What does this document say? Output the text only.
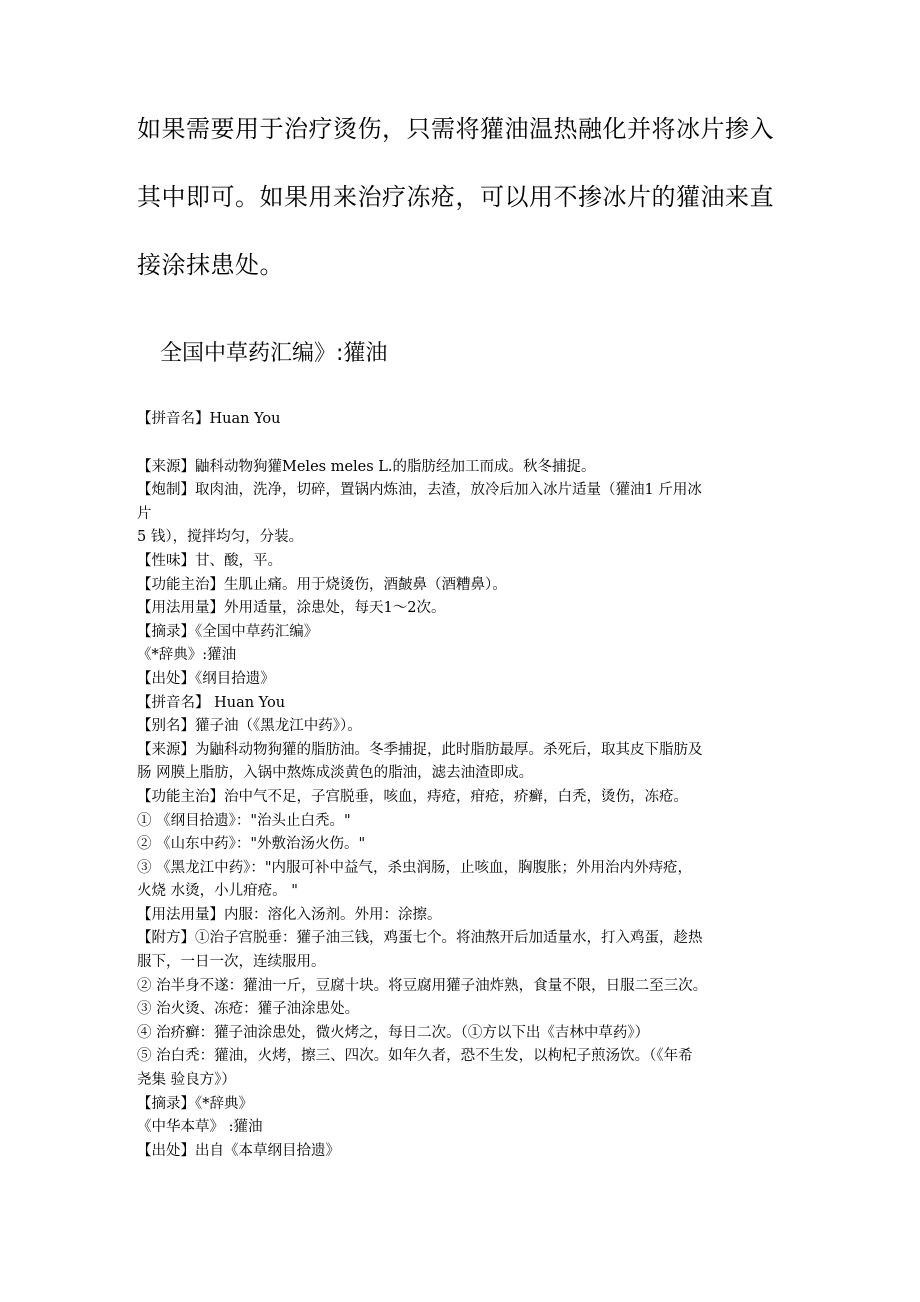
如果需要用于治疗烫伤，只需将獾油温热融化并将冰片掺入
其中即可。如果用来治疗冻疮，可以用不掺冰片的獾油来直
接涂抹患处。
全国中草药汇编》:獾油
【拼音名】Huan You
【来源】鼬科动物狗獾Meles meles L.的脂肪经加工而成。秋冬捕捉。
【炮制】取肉油，洗净，切碎，置锅内炼油，去渣，放冷后加入冰片适量（獾油1 斤用冰
片
5 钱），搅拌均匀，分装。
【性味】甘、酸，平。
【功能主治】生肌止痛。用于烧烫伤，酒皶鼻（酒糟鼻）。
【用法用量】外用适量，涂患处，每天1～2次。
【摘录】《全国中草药汇编》
《*辞典》:獾油
【出处】《纲目拾遗》
【拼音名】 Huan You
【别名】獾子油（《黑龙江中药》）。
【来源】为鼬科动物狗獾的脂肪油。冬季捕捉，此时脂肪最厚。杀死后，取其皮下脂肪及
肠 网膜上脂肪，入锅中熬炼成淡黄色的脂油，滤去油渣即成。
【功能主治】治中气不足，子宫脱垂，咳血，痔疮，疳疮，疥癣，白秃，烫伤，冻疮。
① 《纲目拾遗》："治头止白秃。"
② 《山东中药》："外敷治汤火伤。"
③ 《黑龙江中药》："内服可补中益气，杀虫润肠，止咳血，胸腹胀；外用治内外痔疮，
火烧 水烫，小儿疳疮。 "
【用法用量】内服：溶化入汤剂。外用：涂擦。
【附方】①治子宫脱垂：獾子油三钱，鸡蛋七个。将油熬开后加适量水，打入鸡蛋，趁热
服下，一日一次，连续服用。
② 治半身不遂：獾油一斤，豆腐十块。将豆腐用獾子油炸熟，食量不限，日服二至三次。
③ 治火烫、冻疮：獾子油涂患处。
④ 治疥癣：獾子油涂患处，微火烤之，每日二次。（①方以下出《吉林中草药》）
⑤ 治白秃：獾油，火烤，擦三、四次。如年久者，恐不生发，以枸杞子煎汤饮。（《年希
尧集 验良方》）
【摘录】《*辞典》
《中华本草》 :獾油
【出处】出自《本草纲目拾遗》
